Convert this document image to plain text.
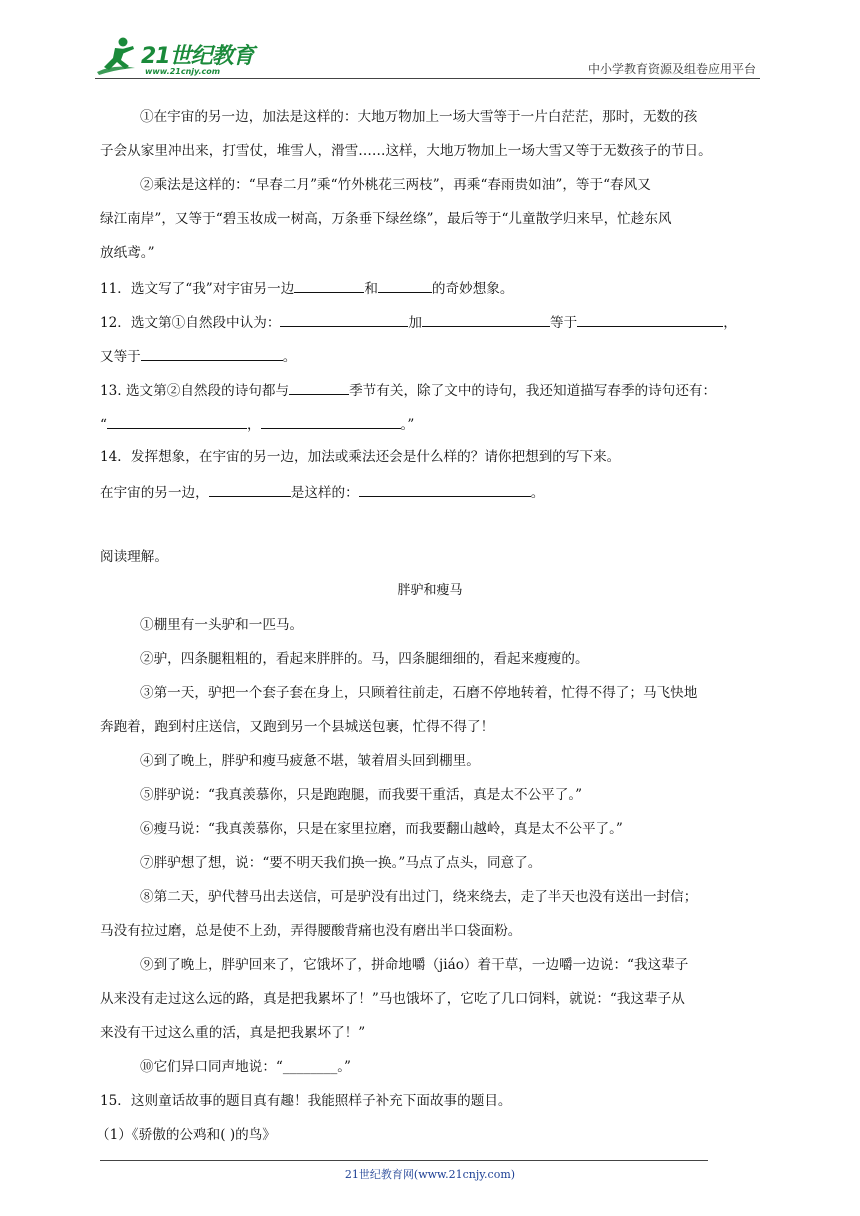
21世纪教育
www.21cnjy.com	中小学教育资源及组卷应用平台
①在宇宙的另一边，加法是这样的：大地万物加上一场大雪等于一片白茫茫，那时，无数的孩
子会从家里冲出来，打雪仗，堆雪人，滑雪……这样，大地万物加上一场大雪又等于无数孩子的节日。
②乘法是这样的：“早春二月”乘“竹外桃花三两枝”，再乘“春雨贵如油”，等于“春风又
绿江南岸”，又等于“碧玉妆成一树高，万条垂下绿丝绦”，最后等于“儿童散学归来早，忙趁东风
放纸鸢。”
11．选文写了“我”对宇宙另一边	和	的奇妙想象。
12．选文第①自然段中认为：	加	等于	，
又等于	。
13. 选文第②自然段的诗句都与	季节有关，除了文中的诗句，我还知道描写春季的诗句还有：
“	，	。”
14．发挥想象，在宇宙的另一边，加法或乘法还会是什么样的？请你把想到的写下来。
在宇宙的另一边，	是这样的：	。
阅读理解。
胖驴和瘦马
①棚里有一头驴和一匹马。
②驴，四条腿粗粗的，看起来胖胖的。马，四条腿细细的，看起来瘦瘦的。
③第一天，驴把一个套子套在身上，只顾着往前走，石磨不停地转着，忙得不得了；马飞快地
奔跑着，跑到村庄送信，又跑到另一个县城送包裹，忙得不得了！
④到了晚上，胖驴和瘦马疲惫不堪，皱着眉头回到棚里。
⑤胖驴说：“我真羡慕你，只是跑跑腿，而我要干重活，真是太不公平了。”
⑥瘦马说：“我真羡慕你，只是在家里拉磨，而我要翻山越岭，真是太不公平了。”
⑦胖驴想了想，说：“要不明天我们换一换。”马点了点头，同意了。
⑧第二天，驴代替马出去送信，可是驴没有出过门，绕来绕去，走了半天也没有送出一封信；
马没有拉过磨，总是使不上劲，弄得腰酸背痛也没有磨出半口袋面粉。
⑨到了晚上，胖驴回来了，它饿坏了，拼命地嚼（jiáo）着干草，一边嚼一边说：“我这辈子
从来没有走过这么远的路，真是把我累坏了！”马也饿坏了，它吃了几口饲料，就说：“我这辈子从
来没有干过这么重的活，真是把我累坏了！”
⑩它们异口同声地说：“________。”
15．这则童话故事的题目真有趣！我能照样子补充下面故事的题目。
（1）《骄傲的公鸡和( )的鸟》
21世纪教育网(www.21cnjy.com)
